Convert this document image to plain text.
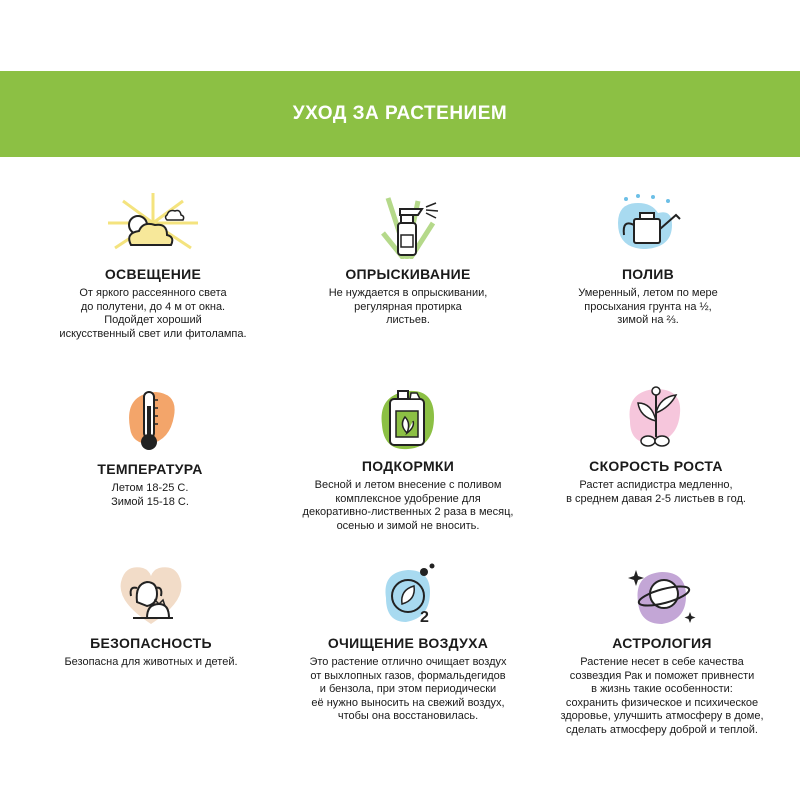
УХОД ЗА РАСТЕНИЕМ
ОСВЕЩЕНИЕ
От яркого рассеянного света
до полутени, до 4 м от окна.
Подойдет хороший
искусственный свет или фитолампа.
ОПРЫСКИВАНИЕ
Не нуждается в опрыскивании,
регулярная протирка
листьев.
ПОЛИВ
Умеренный, летом по мере
просыхания грунта на ½,
зимой на ⅔.
ТЕМПЕРАТУРА
Летом 18-25 С.
Зимой 15-18 С.
ПОДКОРМКИ
Весной и летом внесение с поливом
комплексное удобрение для
декоративно-лиственных 2 раза в месяц,
осенью и зимой не вносить.
СКОРОСТЬ РОСТА
Растет аспидистра медленно,
в среднем давая 2-5 листьев в год.
БЕЗОПАСНОСТЬ
Безопасна для животных и детей.
2
ОЧИЩЕНИЕ ВОЗДУХА
Это растение отлично очищает воздух
от выхлопных газов, формальдегидов
и бензола, при этом периодически
её нужно выносить на свежий воздух,
чтобы она восстановилась.
АСТРОЛОГИЯ
Растение несет в себе качества
созвездия Рак и поможет привнести
в жизнь такие особенности:
сохранить физическое и психическое
здоровье, улучшить атмосферу в доме,
сделать атмосферу доброй и теплой.
